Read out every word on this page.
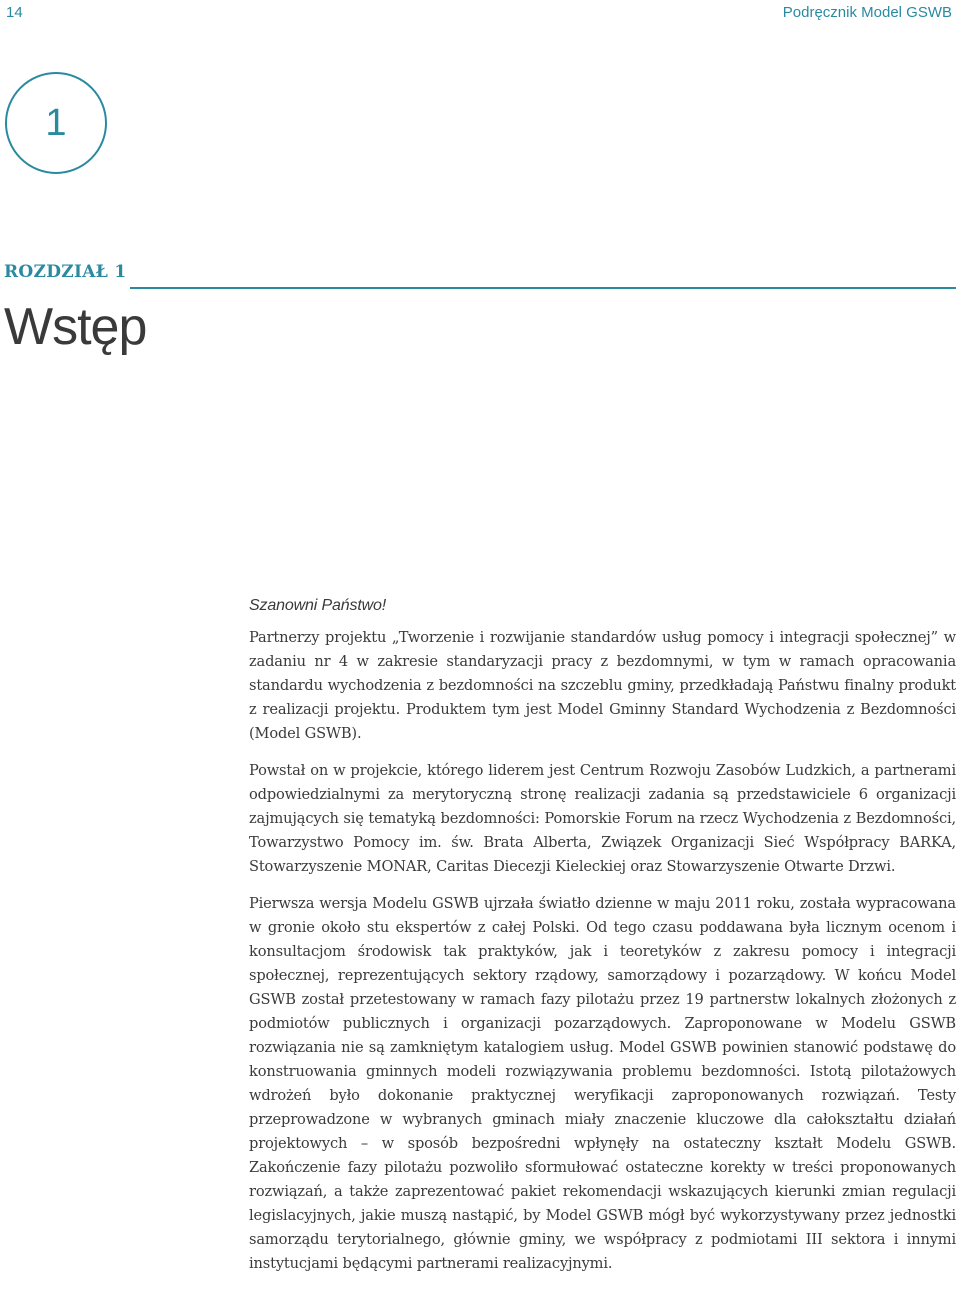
14	Podręcznik Model GSWB
1
ROZDZIAŁ 1
Wstęp

Szanowni Państwo!

Partnerzy projektu „Tworzenie i rozwijanie standardów usług pomocy i integracji społecznej” w zadaniu nr 4 w zakresie standaryzacji pracy z bezdomnymi, w tym w ramach opracowania standardu wychodzenia z bezdomności na szczeblu gminy, przedkładają Państwu finalny produkt z realizacji projektu. Produktem tym jest Model Gminny Standard Wychodzenia z Bezdomności (Model GSWB).

Powstał on w projekcie, którego liderem jest Centrum Rozwoju Zasobów Ludzkich, a partnerami odpowiedzialnymi za merytoryczną stronę realizacji zadania są przedstawiciele 6 organizacji zajmujących się tematyką bezdomności: Pomorskie Forum na rzecz Wychodzenia z Bezdomności, Towarzystwo Pomocy im. św. Brata Alberta, Związek Organizacji Sieć Współpracy BARKA, Stowarzyszenie MONAR, Caritas Diecezji Kieleckiej oraz Stowarzyszenie Otwarte Drzwi.

Pierwsza wersja Modelu GSWB ujrzała światło dzienne w maju 2011 roku, została wypracowana w gronie około stu ekspertów z całej Polski. Od tego czasu poddawana była licznym ocenom i konsultacjom środowisk tak praktyków, jak i teoretyków z zakresu pomocy i integracji społecznej, reprezentujących sektory rządowy, samorządowy i pozarządowy. W końcu Model GSWB został przetestowany w ramach fazy pilotażu przez 19 partnerstw lokalnych złożonych z podmiotów publicznych i organizacji pozarządowych. Zaproponowane w Modelu GSWB rozwiązania nie są zamkniętym katalogiem usług. Model GSWB powinien stanowić podstawę do konstruowania gminnych modeli rozwiązywania problemu bezdomności. Istotą pilotażowych wdrożeń było dokonanie praktycznej weryfikacji zaproponowanych rozwiązań. Testy przeprowadzone w wybranych gminach miały znaczenie kluczowe dla całokształtu działań projektowych – w sposób bezpośredni wpłynęły na ostateczny kształt Modelu GSWB. Zakończenie fazy pilotażu pozwoliło sformułować ostateczne korekty w treści proponowanych rozwiązań, a także zaprezentować pakiet rekomendacji wskazujących kierunki zmian regulacji legislacyjnych, jakie muszą nastąpić, by Model GSWB mógł być wykorzystywany przez jednostki samorządu terytorialnego, głównie gminy, we współpracy z podmiotami III sektora i innymi instytucjami będącymi partnerami realizacyjnymi.
